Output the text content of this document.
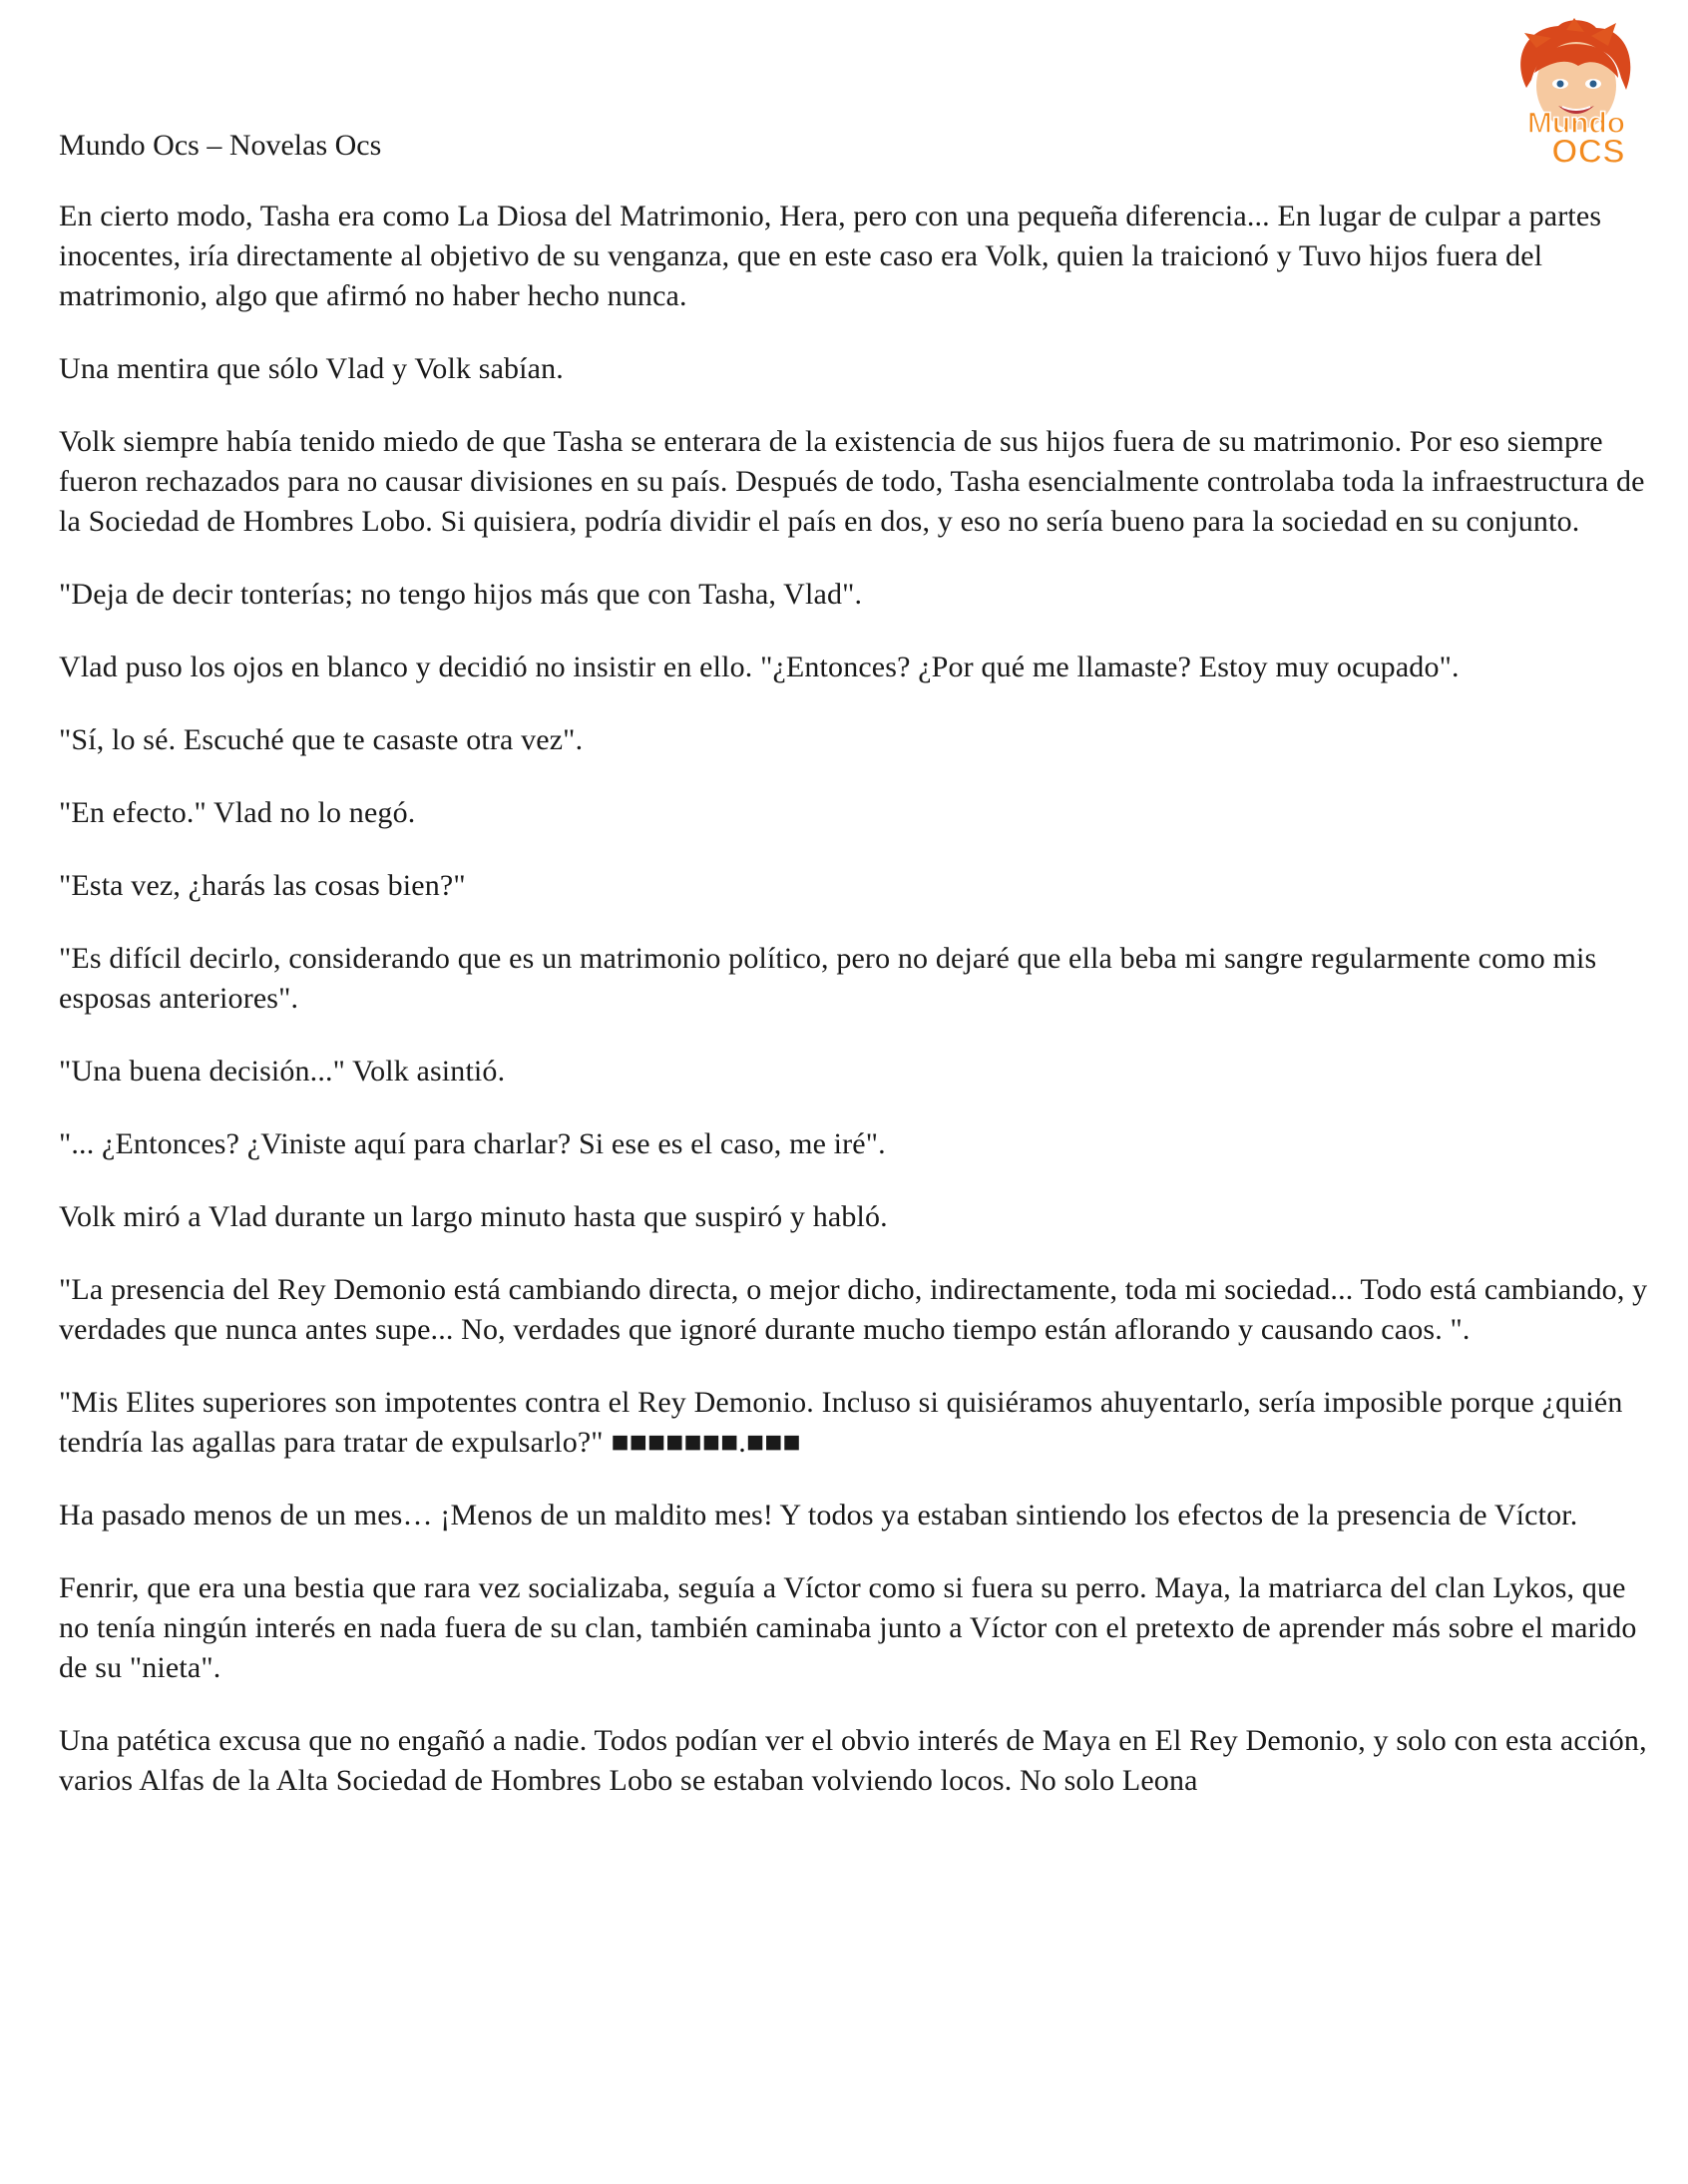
Mundo
OCS

Mundo Ocs – Novelas Ocs

En cierto modo, Tasha era como La Diosa del Matrimonio, Hera, pero con una pequeña diferencia... En lugar de culpar a partes inocentes, iría directamente al objetivo de su venganza, que en este caso era Volk, quien la traicionó y Tuvo hijos fuera del matrimonio, algo que afirmó no haber hecho nunca.

Una mentira que sólo Vlad y Volk sabían.

Volk siempre había tenido miedo de que Tasha se enterara de la existencia de sus hijos fuera de su matrimonio. Por eso siempre fueron rechazados para no causar divisiones en su país. Después de todo, Tasha esencialmente controlaba toda la infraestructura de la Sociedad de Hombres Lobo. Si quisiera, podría dividir el país en dos, y eso no sería bueno para la sociedad en su conjunto.

"Deja de decir tonterías; no tengo hijos más que con Tasha, Vlad".

Vlad puso los ojos en blanco y decidió no insistir en ello. "¿Entonces? ¿Por qué me llamaste? Estoy muy ocupado".

"Sí, lo sé. Escuché que te casaste otra vez".

"En efecto." Vlad no lo negó.

"Esta vez, ¿harás las cosas bien?"

"Es difícil decirlo, considerando que es un matrimonio político, pero no dejaré que ella beba mi sangre regularmente como mis esposas anteriores".

"Una buena decisión..." Volk asintió.

"... ¿Entonces? ¿Viniste aquí para charlar? Si ese es el caso, me iré".

Volk miró a Vlad durante un largo minuto hasta que suspiró y habló.

"La presencia del Rey Demonio está cambiando directa, o mejor dicho, indirectamente, toda mi sociedad... Todo está cambiando, y verdades que nunca antes supe... No, verdades que ignoré durante mucho tiempo están aflorando y causando caos. ".

"Mis Elites superiores son impotentes contra el Rey Demonio. Incluso si quisiéramos ahuyentarlo, sería imposible porque ¿quién tendría las agallas para tratar de expulsarlo?" ■■■■■■■.■■■

Ha pasado menos de un mes… ¡Menos de un maldito mes! Y todos ya estaban sintiendo los efectos de la presencia de Víctor.

Fenrir, que era una bestia que rara vez socializaba, seguía a Víctor como si fuera su perro. Maya, la matriarca del clan Lykos, que no tenía ningún interés en nada fuera de su clan, también caminaba junto a Víctor con el pretexto de aprender más sobre el marido de su "nieta".

Una patética excusa que no engañó a nadie. Todos podían ver el obvio interés de Maya en El Rey Demonio, y solo con esta acción, varios Alfas de la Alta Sociedad de Hombres Lobo se estaban volviendo locos. No solo Leona
